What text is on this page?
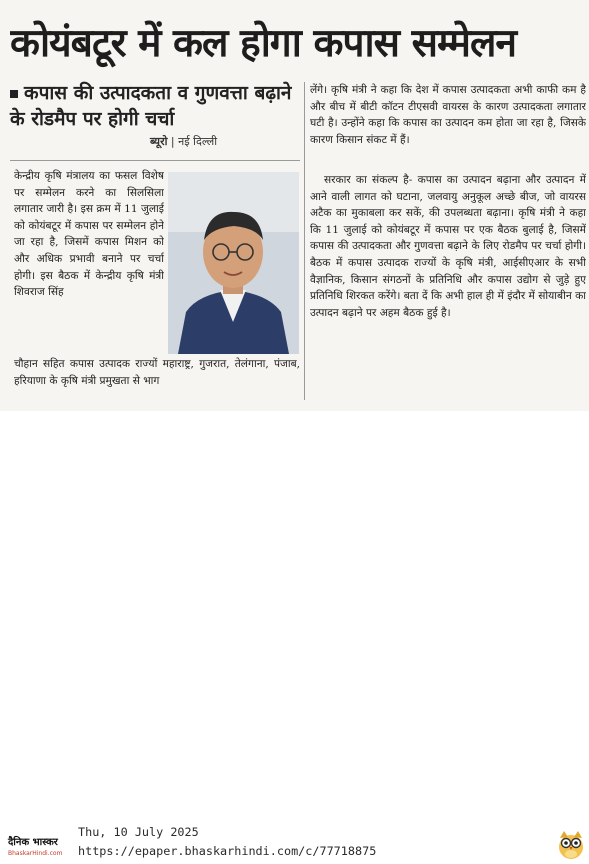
कोयंबटूर में कल होगा कपास सम्मेलन
कपास की उत्पादकता व गुणवत्ता बढ़ाने के रोडमैप पर होगी चर्चा
ब्यूरो | नई दिल्ली

केन्द्रीय कृषि मंत्रालय का फसल विशेष पर सम्मेलन करने का सिलसिला लगातार जारी है। इस क्रम में 11 जुलाई को कोयंबटूर में कपास पर सम्मेलन होने जा रहा है, जिसमें कपास मिशन को और अधिक प्रभावी बनाने पर चर्चा होगी। इस बैठक में केन्द्रीय कृषि मंत्री शिवराज सिंह

चौहान सहित कपास उत्पादक राज्यों महाराष्ट्र, गुजरात, तेलंगाना, पंजाब, हरियाणा के कृषि मंत्री प्रमुखता से भाग

लेंगे। कृषि मंत्री ने कहा कि देश में कपास उत्पादकता अभी काफी कम है और बीच में बीटी कॉटन टीएसवी वायरस के कारण उत्पादकता लगातार घटी है। उन्होंने कहा कि कपास का उत्पादन कम होता जा रहा है, जिसके कारण किसान संकट में हैं।

सरकार का संकल्प है- कपास का उत्पादन बढ़ाना और उत्पादन में आने वाली लागत को घटाना, जलवायु अनुकूल अच्छे बीज, जो वायरस अटैक का मुकाबला कर सकें, की उपलब्धता बढ़ाना। कृषि मंत्री ने कहा कि 11 जुलाई को कोयंबटूर में कपास पर एक बैठक बुलाई है, जिसमें कपास की उत्पादकता और गुणवत्ता बढ़ाने के लिए रोडमैप पर चर्चा होगी। बैठक में कपास उत्पादक राज्यों के कृषि मंत्री, आईसीएआर के सभी वैज्ञानिक, किसान संगठनों के प्रतिनिधि और कपास उद्योग से जुड़े हुए प्रतिनिधि शिरकत करेंगे। बता दें कि अभी हाल ही में इंदौर में सोयाबीन का उत्पादन बढ़ाने पर अहम बैठक हुई है।

दैनिक भास्कर
BhaskarHindi.com
Thu, 10 July 2025
https://epaper.bhaskarhindi.com/c/77718875
